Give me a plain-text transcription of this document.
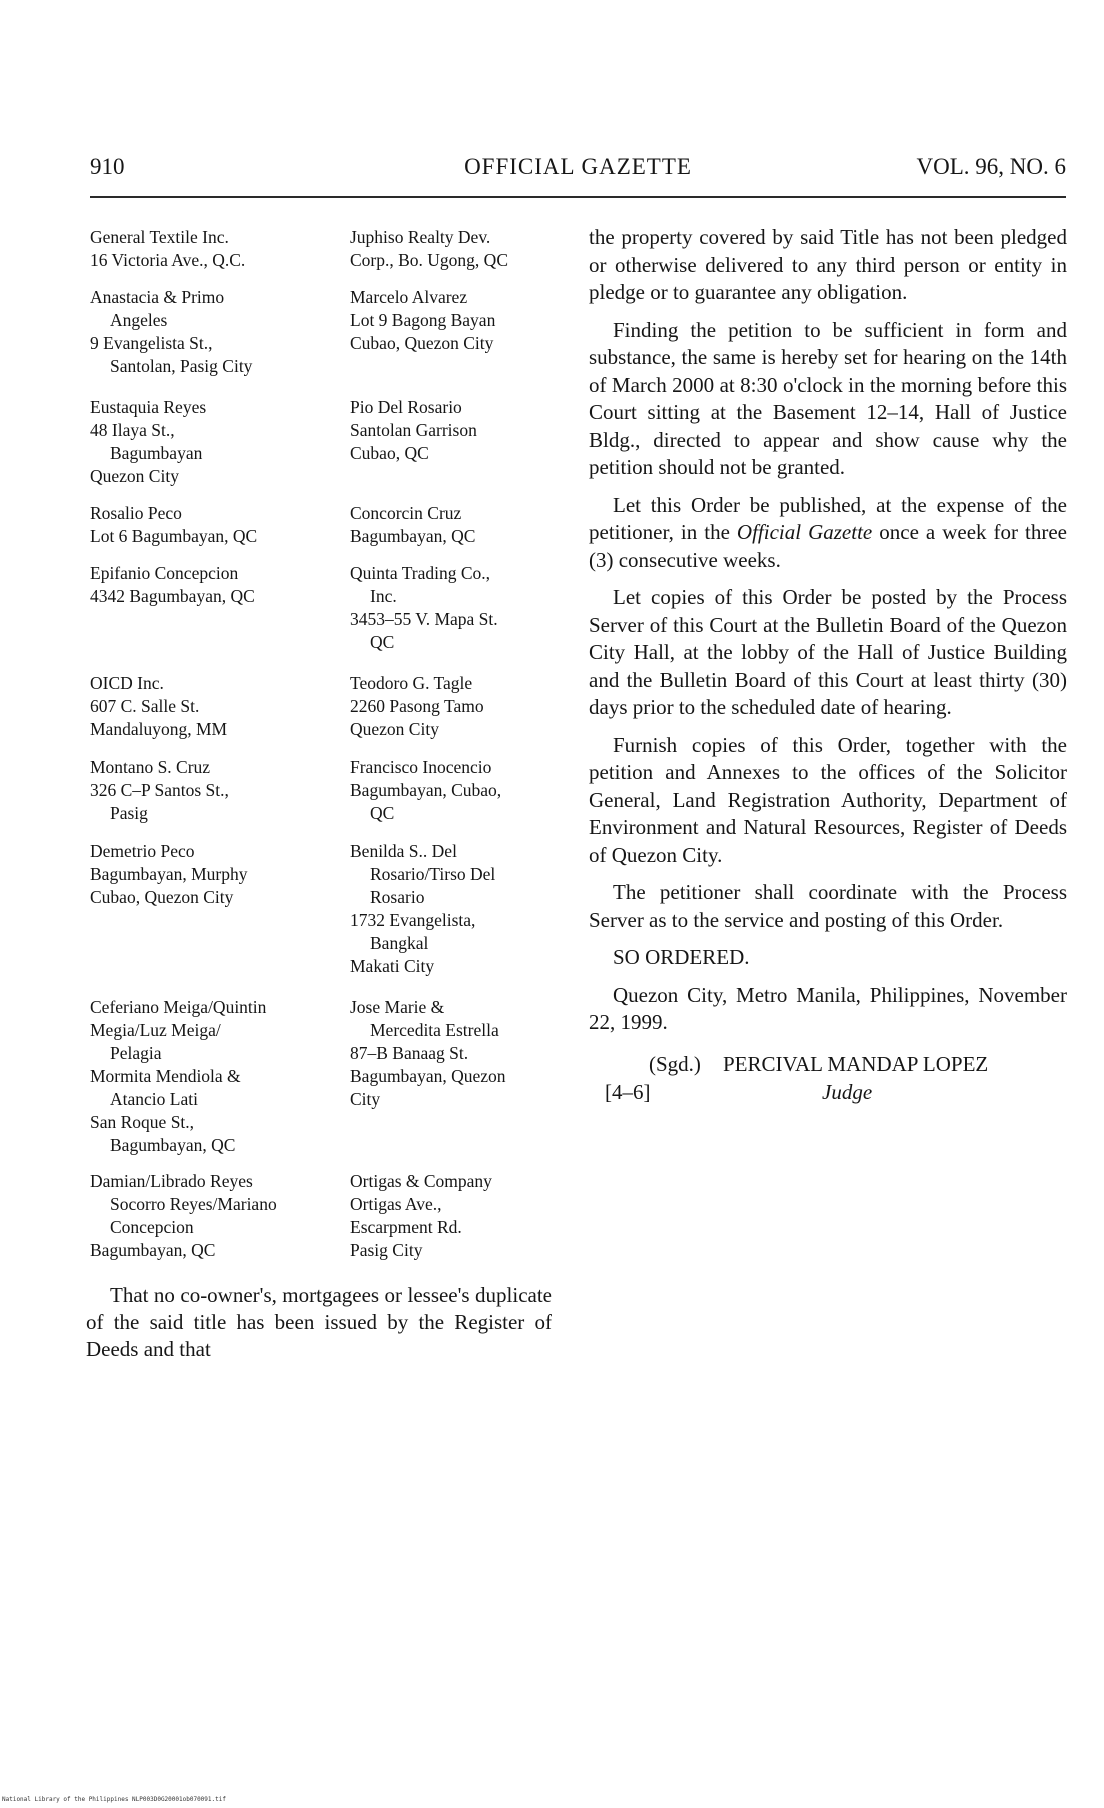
OFFICIAL GAZETTE
910	VOL. 96, NO. 6
General Textile Inc.
16 Victoria Ave., Q.C.
Anastacia & Primo
Angeles
9 Evangelista St.,
Santolan, Pasig City
Eustaquia Reyes
48 Ilaya St.,
Bagumbayan
Quezon City
Rosalio Peco
Lot 6 Bagumbayan, QC
Epifanio Concepcion
4342 Bagumbayan, QC
OICD Inc.
607 C. Salle St.
Mandaluyong, MM
Montano S. Cruz
326 C–P Santos St.,
Pasig
Demetrio Peco
Bagumbayan, Murphy
Cubao, Quezon City
Ceferiano Meiga/Quintin
Megia/Luz Meiga/
Pelagia
Mormita Mendiola &
Atancio Lati
San Roque St.,
Bagumbayan, QC
Damian/Librado Reyes
Socorro Reyes/Mariano
Concepcion
Bagumbayan, QC
Juphiso Realty Dev.
Corp., Bo. Ugong, QC
Marcelo Alvarez
Lot 9 Bagong Bayan
Cubao, Quezon City
Pio Del Rosario
Santolan Garrison
Cubao, QC
Concorcin Cruz
Bagumbayan, QC
Quinta Trading Co.,
Inc.
3453–55 V. Mapa St.
QC
Teodoro G. Tagle
2260 Pasong Tamo
Quezon City
Francisco Inocencio
Bagumbayan, Cubao,
QC
Benilda S.. Del
Rosario/Tirso Del
Rosario
1732 Evangelista,
Bangkal
Makati City
Jose Marie &
Mercedita Estrella
87–B Banaag St.
Bagumbayan, Quezon
City
Ortigas & Company
Ortigas Ave.,
Escarpment Rd.
Pasig City

That no co-owner's, mortgagees or lessee's duplicate of the said title has been issued by the Register of Deeds and that

the property covered by said Title has not been pledged or otherwise delivered to any third person or entity in pledge or to guarantee any obligation.

Finding the petition to be sufficient in form and substance, the same is hereby set for hearing on the 14th of March 2000 at 8:30 o'clock in the morning before this Court sitting at the Basement 12–14, Hall of Justice Bldg., directed to appear and show cause why the petition should not be granted.

Let this Order be published, at the expense of the petitioner, in the Official Gazette once a week for three (3) consecutive weeks.

Let copies of this Order be posted by the Process Server of this Court at the Bulletin Board of the Quezon City Hall, at the lobby of the Hall of Justice Building and the Bulletin Board of this Court at least thirty (30) days prior to the scheduled date of hearing.

Furnish copies of this Order, together with the petition and Annexes to the offices of the Solicitor General, Land Registration Authority, Department of Environment and Natural Resources, Register of Deeds of Quezon City.

The petitioner shall coordinate with the Process Server as to the service and posting of this Order.

SO ORDERED.

Quezon City, Metro Manila, Philippines, November 22, 1999.

(Sgd.) PERCIVAL MANDAP LOPEZ
[4–6]	Judge
National Library of the Philippines NLP003D0G20001ob070091.tif
